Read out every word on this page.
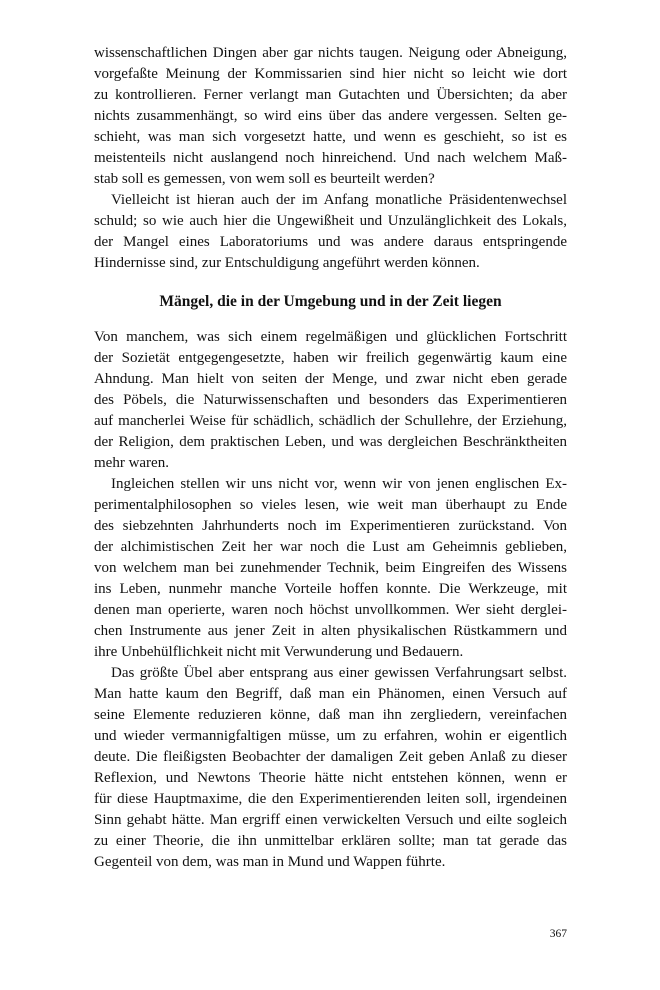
wissenschaftlichen Dingen aber gar nichts taugen. Neigung oder Abneigung,
vorgefaßte Meinung der Kommissarien sind hier nicht so leicht wie dort
zu kontrollieren. Ferner verlangt man Gutachten und Übersichten; da aber
nichts zusammenhängt, so wird eins über das andere vergessen. Selten ge-
schieht, was man sich vorgesetzt hatte, und wenn es geschieht, so ist es
meistenteils nicht auslangend noch hinreichend. Und nach welchem Maß-
stab soll es gemessen, von wem soll es beurteilt werden?

Vielleicht ist hieran auch der im Anfang monatliche Präsidentenwechsel
schuld; so wie auch hier die Ungewißheit und Unzulänglichkeit des Lokals,
der Mangel eines Laboratoriums und was andere daraus entspringende
Hindernisse sind, zur Entschuldigung angeführt werden können.

Mängel, die in der Umgebung und in der Zeit liegen

Von manchem, was sich einem regelmäßigen und glücklichen Fortschritt
der Sozietät entgegengesetzte, haben wir freilich gegenwärtig kaum eine
Ahndung. Man hielt von seiten der Menge, und zwar nicht eben gerade
des Pöbels, die Naturwissenschaften und besonders das Experimentieren
auf mancherlei Weise für schädlich, schädlich der Schullehre, der Erziehung,
der Religion, dem praktischen Leben, und was dergleichen Beschränktheiten
mehr waren.

Ingleichen stellen wir uns nicht vor, wenn wir von jenen englischen Ex-
perimentalphilosophen so vieles lesen, wie weit man überhaupt zu Ende
des siebzehnten Jahrhunderts noch im Experimentieren zurückstand. Von
der alchimistischen Zeit her war noch die Lust am Geheimnis geblieben,
von welchem man bei zunehmender Technik, beim Eingreifen des Wissens
ins Leben, nunmehr manche Vorteile hoffen konnte. Die Werkzeuge, mit
denen man operierte, waren noch höchst unvollkommen. Wer sieht derglei-
chen Instrumente aus jener Zeit in alten physikalischen Rüstkammern und
ihre Unbehülflichkeit nicht mit Verwunderung und Bedauern.

Das größte Übel aber entsprang aus einer gewissen Verfahrungsart selbst.
Man hatte kaum den Begriff, daß man ein Phänomen, einen Versuch auf
seine Elemente reduzieren könne, daß man ihn zergliedern, vereinfachen
und wieder vermannigfaltigen müsse, um zu erfahren, wohin er eigentlich
deute. Die fleißigsten Beobachter der damaligen Zeit geben Anlaß zu dieser
Reflexion, und Newtons Theorie hätte nicht entstehen können, wenn er
für diese Hauptmaxime, die den Experimentierenden leiten soll, irgendeinen
Sinn gehabt hätte. Man ergriff einen verwickelten Versuch und eilte sogleich
zu einer Theorie, die ihn unmittelbar erklären sollte; man tat gerade das
Gegenteil von dem, was man in Mund und Wappen führte.

367
